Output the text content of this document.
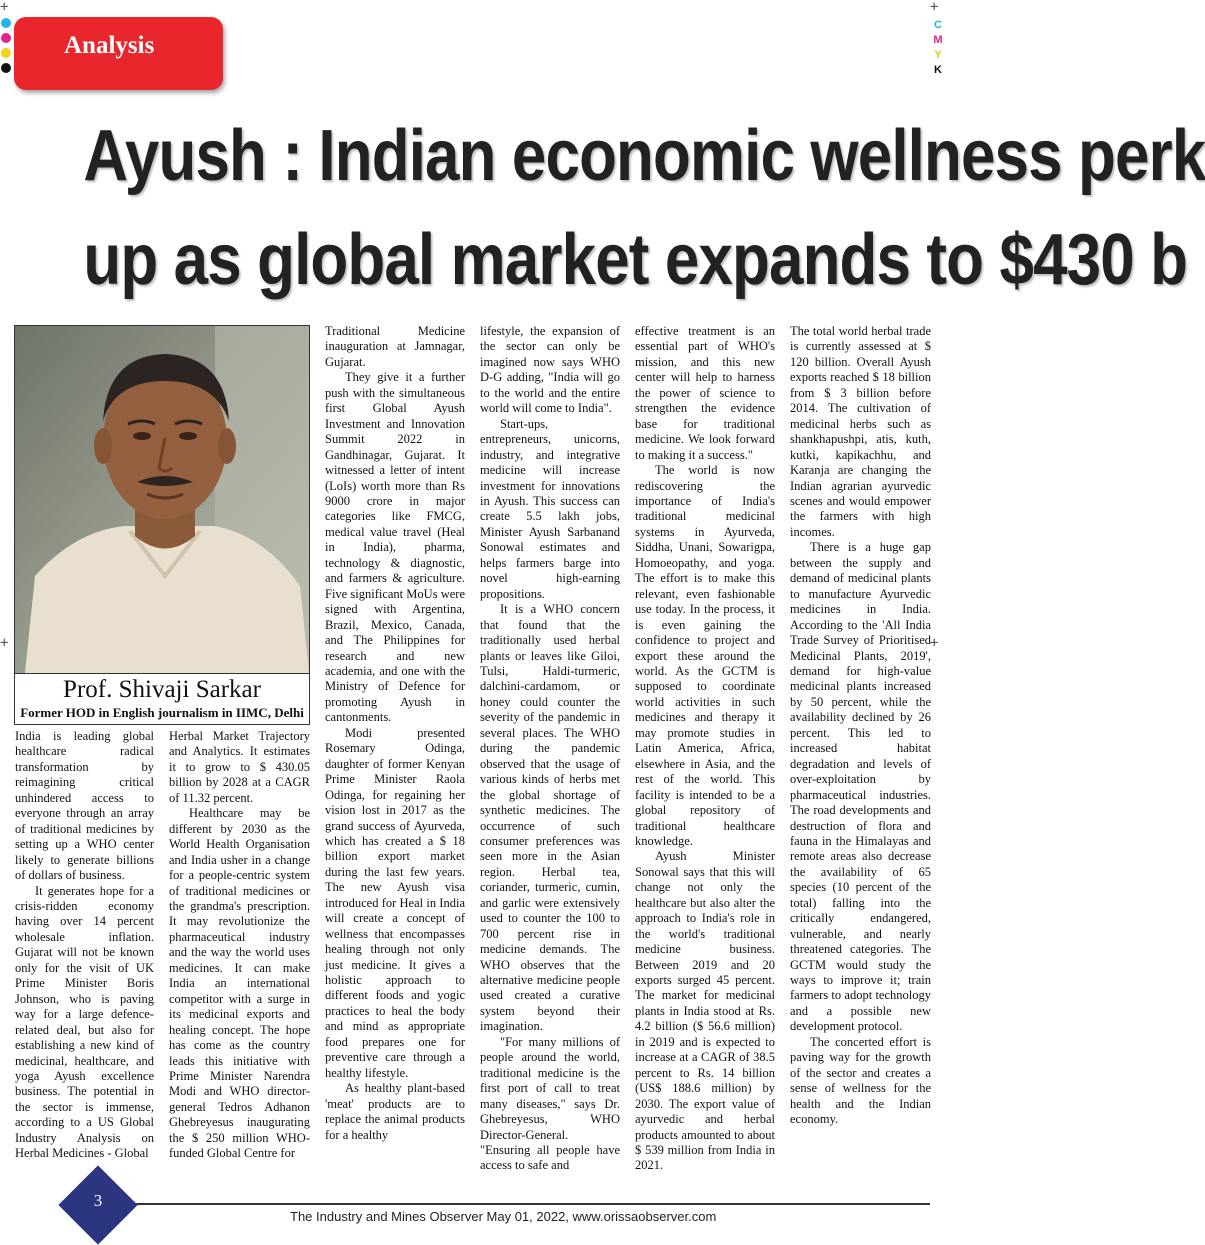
C
M
Y
K
+	+
+	+
Analysis
Ayush : Indian economic wellness perk
up as global market expands to $430 b
Prof. Shivaji Sarkar
Former HOD in English journalism in IIMC, Delhi

India is leading global healthcare radical transformation by reimagining critical unhindered access to everyone through an array of traditional medicines by setting up a WHO center likely to generate billions of dollars of business.

It generates hope for a crisis-ridden economy having over 14 percent wholesale inflation. Gujarat will not be known only for the visit of UK Prime Minister Boris Johnson, who is paving way for a large defence-related deal, but also for establishing a new kind of medicinal, healthcare, and yoga Ayush excellence business. The potential in the sector is immense, according to a US Global Industry Analysis on Herbal Medicines - Global

Herbal Market Trajectory and Analytics. It estimates it to grow to $ 430.05 billion by 2028 at a CAGR of 11.32 percent.

Healthcare may be different by 2030 as the World Health Organisation and India usher in a change for a people-centric system of traditional medicines or the grandma's prescription. It may revolutionize the pharmaceutical industry and the way the world uses medicines. It can make India an international competitor with a surge in its medicinal exports and healing concept. The hope has come as the country leads this initiative with Prime Minister Narendra Modi and WHO director-general Tedros Adhanon Ghebreyesus inaugurating the $ 250 million WHO-funded Global Centre for

Traditional Medicine inauguration at Jamnagar, Gujarat.

They give it a further push with the simultaneous first Global Ayush Investment and Innovation Summit 2022 in Gandhinagar, Gujarat. It witnessed a letter of intent (LoIs) worth more than Rs 9000 crore in major categories like FMCG, medical value travel (Heal in India), pharma, technology & diagnostic, and farmers & agriculture. Five significant MoUs were signed with Argentina, Brazil, Mexico, Canada, and The Philippines for research and new academia, and one with the Ministry of Defence for promoting Ayush in cantonments.

Modi presented Rosemary Odinga, daughter of former Kenyan Prime Minister Raola Odinga, for regaining her vision lost in 2017 as the grand success of Ayurveda, which has created a $ 18 billion export market during the last few years. The new Ayush visa introduced for Heal in India will create a concept of wellness that encompasses healing through not only just medicine. It gives a holistic approach to different foods and yogic practices to heal the body and mind as appropriate food prepares one for preventive care through a healthy lifestyle.

As healthy plant-based 'meat' products are to replace the animal products for a healthy

lifestyle, the expansion of the sector can only be imagined now says WHO D-G adding, "India will go to the world and the entire world will come to India".

Start-ups, entrepreneurs, unicorns, industry, and integrative medicine will increase investment for innovations in Ayush. This success can create 5.5 lakh jobs, Minister Ayush Sarbanand Sonowal estimates and helps farmers barge into novel high-earning propositions.

It is a WHO concern that found that the traditionally used herbal plants or leaves like Giloi, Tulsi, Haldi-turmeric, dalchini-cardamom, or honey could counter the severity of the pandemic in several places. The WHO during the pandemic observed that the usage of various kinds of herbs met the global shortage of synthetic medicines. The occurrence of such consumer preferences was seen more in the Asian region. Herbal tea, coriander, turmeric, cumin, and garlic were extensively used to counter the 100 to 700 percent rise in medicine demands. The WHO observes that the alternative medicine people used created a curative system beyond their imagination.

"For many millions of people around the world, traditional medicine is the first port of call to treat many diseases," says Dr. Ghebreyesus, WHO Director-General. "Ensuring all people have access to safe and

effective treatment is an essential part of WHO's mission, and this new center will help to harness the power of science to strengthen the evidence base for traditional medicine. We look forward to making it a success."

The world is now rediscovering the importance of India's traditional medicinal systems in Ayurveda, Siddha, Unani, Sowarigpa, Homoeopathy, and yoga. The effort is to make this relevant, even fashionable use today. In the process, it is even gaining the confidence to project and export these around the world. As the GCTM is supposed to coordinate world activities in such medicines and therapy it may promote studies in Latin America, Africa, elsewhere in Asia, and the rest of the world. This facility is intended to be a global repository of traditional healthcare knowledge.

Ayush Minister Sonowal says that this will change not only the healthcare but also alter the approach to India's role in the world's traditional medicine business. Between 2019 and 20 exports surged 45 percent. The market for medicinal plants in India stood at Rs. 4.2 billion ($ 56.6 million) in 2019 and is expected to increase at a CAGR of 38.5 percent to Rs. 14 billion (US$ 188.6 million) by 2030. The export value of ayurvedic and herbal products amounted to about $ 539 million from India in 2021.

The total world herbal trade is currently assessed at $ 120 billion. Overall Ayush exports reached $ 18 billion from $ 3 billion before 2014. The cultivation of medicinal herbs such as shankhapushpi, atis, kuth, kutki, kapikachhu, and Karanja are changing the Indian agrarian ayurvedic scenes and would empower the farmers with high incomes.

There is a huge gap between the supply and demand of medicinal plants to manufacture Ayurvedic medicines in India. According to the 'All India Trade Survey of Prioritised Medicinal Plants, 2019', demand for high-value medicinal plants increased by 50 percent, while the availability declined by 26 percent. This led to increased habitat degradation and levels of over-exploitation by pharmaceutical industries. The road developments and destruction of flora and fauna in the Himalayas and remote areas also decrease the availability of 65 species (10 percent of the total) falling into the critically endangered, vulnerable, and nearly threatened categories. The GCTM would study the ways to improve it; train farmers to adopt technology and a possible new development protocol.

The concerted effort is paving way for the growth of the sector and creates a sense of wellness for the health and the Indian economy.

3
The Industry and Mines Observer May 01, 2022, www.orissaobserver.com
